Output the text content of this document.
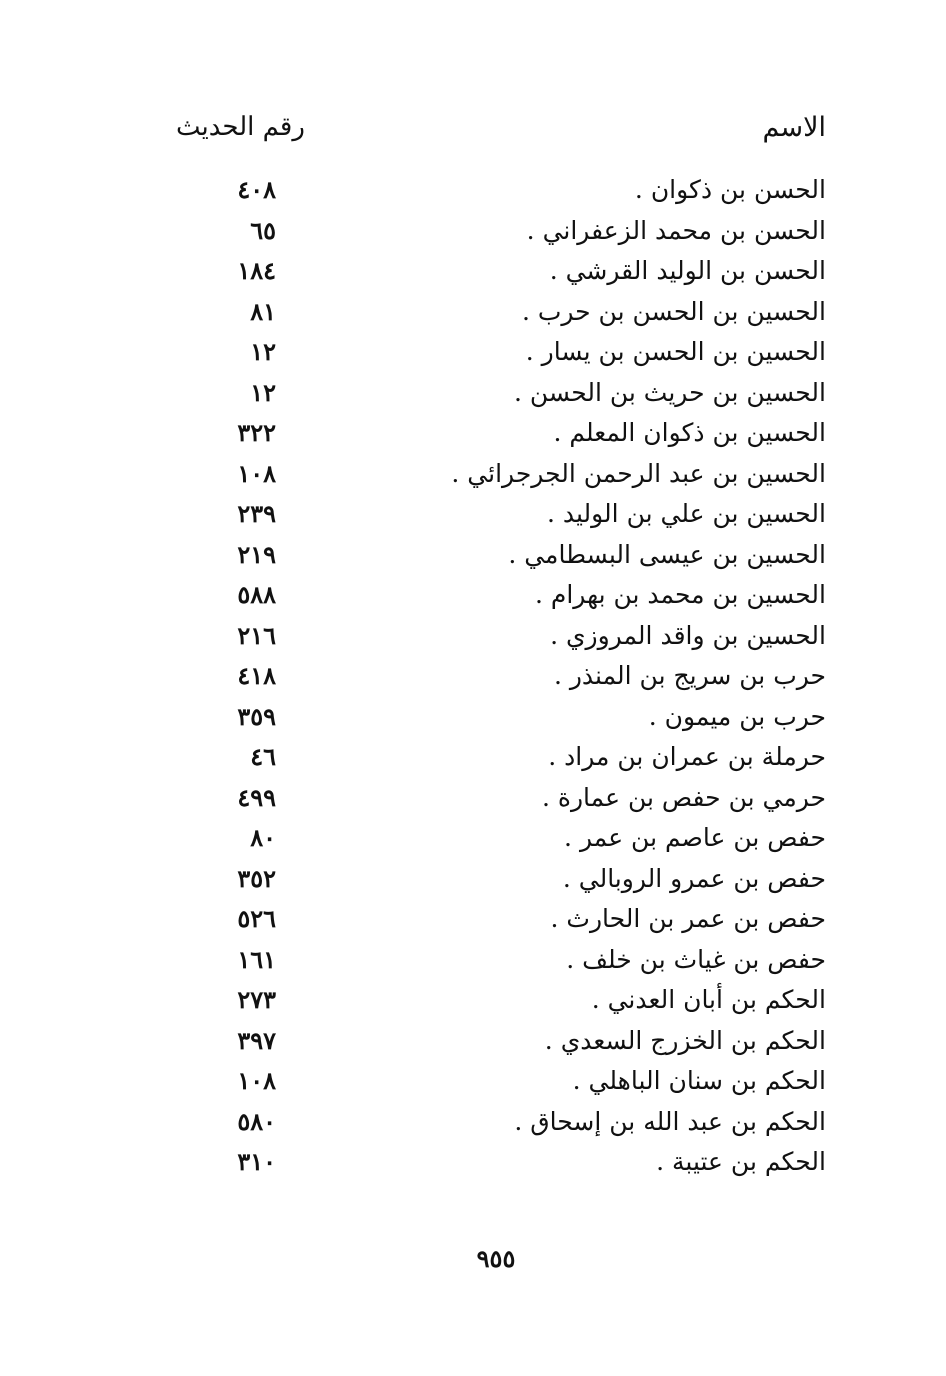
الاسم
رقم الحديث
الحسن بن ذكوان .
٤٠٨
الحسن بن محمد الزعفراني .
٦٥
الحسن بن الوليد القرشي .
١٨٤
الحسين بن الحسن بن حرب .
٨١
الحسين بن الحسن بن يسار .
١٢
الحسين بن حريث بن الحسن .
١٢
الحسين بن ذكوان المعلم .
٣٢٢
الحسين بن عبد الرحمن الجرجرائي .
١٠٨
الحسين بن علي بن الوليد .
٢٣٩
الحسين بن عيسى البسطامي .
٢١٩
الحسين بن محمد بن بهرام .
٥٨٨
الحسين بن واقد المروزي .
٢١٦
حرب بن سريج بن المنذر .
٤١٨
حرب بن ميمون .
٣٥٩
حرملة بن عمران بن مراد .
٤٦
حرمي بن حفص بن عمارة .
٤٩٩
حفص بن عاصم بن عمر .
٨٠
حفص بن عمرو الروبالي .
٣٥٢
حفص بن عمر بن الحارث .
٥٢٦
حفص بن غياث بن خلف .
١٦١
الحكم بن أبان العدني .
٢٧٣
الحكم بن الخزرج السعدي .
٣٩٧
الحكم بن سنان الباهلي .
١٠٨
الحكم بن عبد الله بن إسحاق .
٥٨٠
الحكم بن عتيبة .
٣١٠
٩٥٥
